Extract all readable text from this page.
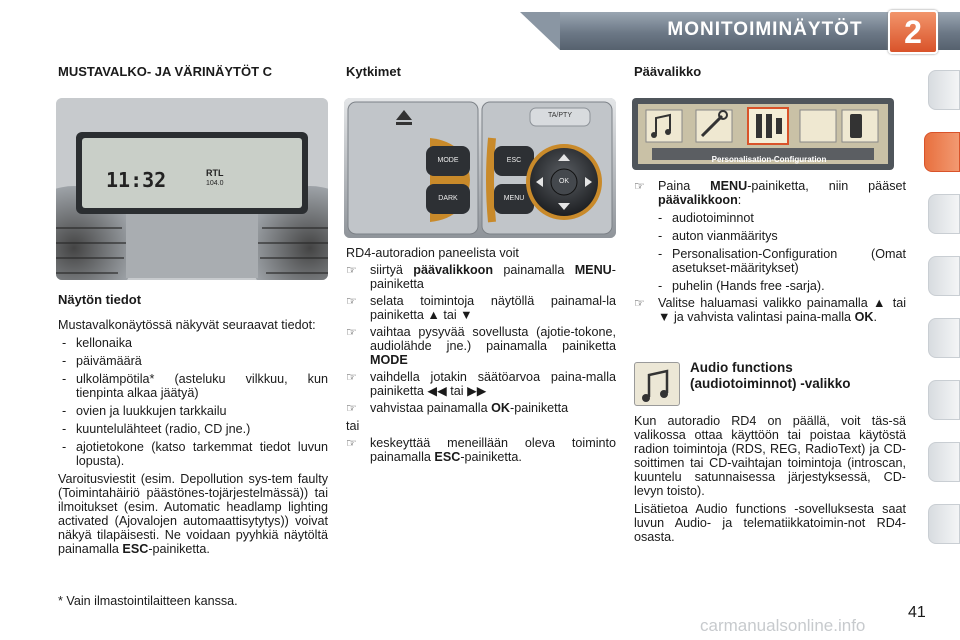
MONITOIMINÄYTÖT	2
MUSTAVALKO- JA VÄRINÄYTÖT C
11:32	RTL
104.0
Näytön tiedot
Mustavalkonäytössä näkyvät seuraavat tiedot:
- kellonaika
- päivämäärä
- ulkolämpötila* (asteluku vilkkuu, kun tienpinta alkaa jäätyä)
- ovien ja luukkujen tarkkailu
- kuuntelulähteet (radio, CD jne.)
- ajotietokone (katso tarkemmat tiedot luvun lopusta).
Varoitusviestit (esim. Depollution sys-tem faulty (Toimintahäiriö päästönes-tojärjestelmässä)) tai ilmoitukset (esim. Automatic headlamp lighting activated (Ajovalojen automaattisytytys)) voivat näkyä tilapäisesti. Ne voidaan pyyhkiä näytöltä painamalla ESC-painiketta.
* Vain ilmastointilaitteen kanssa.
Kytkimet
TA/PTY
MODE
DARK
ESC
MENU
OK
RD4-autoradion paneelista voit
☞ siirtyä päävalikkoon painamalla MENU-painiketta
☞ selata toimintoja näytöllä painamal-la painiketta ▲ tai ▼
☞ vaihtaa pysyvää sovellusta (ajotie-tokone, audiolähde jne.) painamalla painiketta MODE
☞ vaihdella jotakin säätöarvoa paina-malla painiketta ◀◀ tai ▶▶
☞ vahvistaa painamalla OK-painiketta
tai
☞ keskeyttää meneillään oleva toiminto painamalla ESC-painiketta.
Päävalikko
Personalisation-Configuration
☞ Paina MENU-painiketta, niin pääset päävalikkoon:
- audiotoiminnot
- auton vianmääritys
- Personalisation-Configuration (Omat asetukset-määritykset)
- puhelin (Hands free -sarja).
☞ Valitse haluamasi valikko painamalla ▲ tai ▼ ja vahvista valintasi paina-malla OK.
Audio functions
(audiotoiminnot) -valikko
Kun autoradio RD4 on päällä, voit täs-sä valikossa ottaa käyttöön tai poistaa käytöstä radion toimintoja (RDS, REG, RadioText) ja CD-soittimen tai CD-vaihtajan toimintoja (introscan, kuuntelu satunnaisessa järjestyksessä, CD-levyn toisto).
Lisätietoa Audio functions -sovelluksesta saat luvun Audio- ja telematiikkatoimin-not RD4-osasta.
41
carmanualsonline.info
